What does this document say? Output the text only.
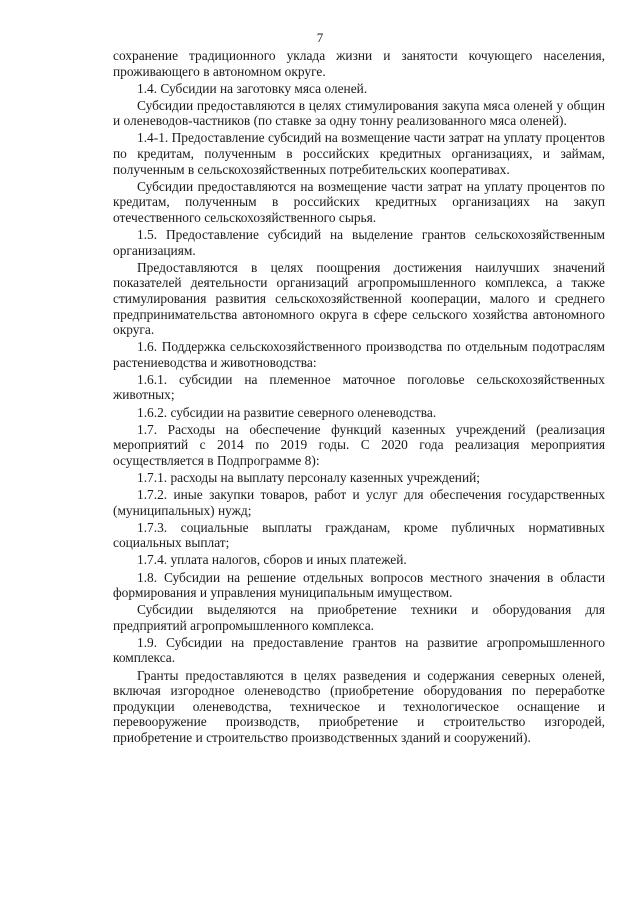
7

сохранение традиционного уклада жизни и занятости кочующего населения, проживающего в автономном округе.

1.4. Субсидии на заготовку мяса оленей.

Субсидии предоставляются в целях стимулирования закупа мяса оленей у общин и оленеводов-частников (по ставке за одну тонну реализованного мяса оленей).

1.4-1. Предоставление субсидий на возмещение части затрат на уплату процентов по кредитам, полученным в российских кредитных организациях, и займам, полученным в сельскохозяйственных потребительских кооперативах.

Субсидии предоставляются на возмещение части затрат на уплату процентов по кредитам, полученным в российских кредитных организациях на закуп отечественного сельскохозяйственного сырья.

1.5. Предоставление субсидий на выделение грантов сельскохозяйственным организациям.

Предоставляются в целях поощрения достижения наилучших значений показателей деятельности организаций агропромышленного комплекса, а также стимулирования развития сельскохозяйственной кооперации, малого и среднего предпринимательства автономного округа в сфере сельского хозяйства автономного округа.

1.6. Поддержка сельскохозяйственного производства по отдельным подотраслям растениеводства и животноводства:

1.6.1. субсидии на племенное маточное поголовье сельскохозяйственных животных;

1.6.2. субсидии на развитие северного оленеводства.

1.7. Расходы на обеспечение функций казенных учреждений (реализация мероприятий с 2014 по 2019 годы. С 2020 года реализация мероприятия осуществляется в Подпрограмме 8):

1.7.1. расходы на выплату персоналу казенных учреждений;

1.7.2. иные закупки товаров, работ и услуг для обеспечения государственных (муниципальных) нужд;

1.7.3. социальные выплаты гражданам, кроме публичных нормативных социальных выплат;

1.7.4. уплата налогов, сборов и иных платежей.

1.8. Субсидии на решение отдельных вопросов местного значения в области формирования и управления муниципальным имуществом.

Субсидии выделяются на приобретение техники и оборудования для предприятий агропромышленного комплекса.

1.9. Субсидии на предоставление грантов на развитие агропромышленного комплекса.

Гранты предоставляются в целях разведения и содержания северных оленей, включая изгородное оленеводство (приобретение оборудования по переработке продукции оленеводства, техническое и технологическое оснащение и перевооружение производств, приобретение и строительство изгородей, приобретение и строительство производственных зданий и сооружений).
